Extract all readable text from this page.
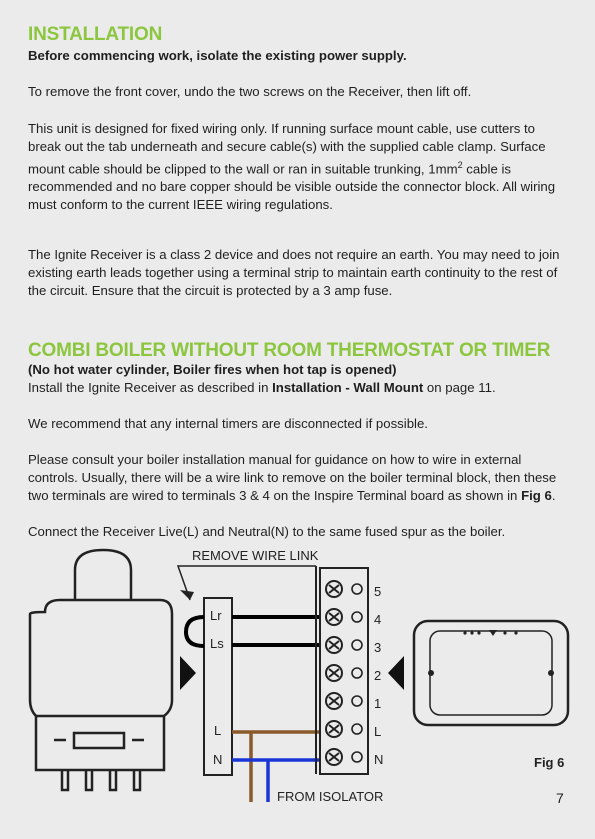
INSTALLATION

Before commencing work, isolate the existing power supply.

To remove the front cover, undo the two screws on the Receiver, then lift off.

This unit is designed for fixed wiring only. If running surface mount cable, use cutters to break out the tab underneath and secure cable(s) with the supplied cable clamp. Surface mount cable should be clipped to the wall or ran in suitable trunking, $1mm^2$ cable is recommended and no bare copper should be visible outside the connector block. All wiring must conform to the current IEEE wiring regulations.

The Ignite Receiver is a class 2 device and does not require an earth. You may need to join existing earth leads together using a terminal strip to maintain earth continuity to the rest of the circuit. Ensure that the circuit is protected by a 3 amp fuse.

COMBI BOILER WITHOUT ROOM THERMOSTAT OR TIMER

(No hot water cylinder, Boiler fires when hot tap is opened)

Install the Ignite Receiver as described in Installation - Wall Mount on page 11.

We recommend that any internal timers are disconnected if possible.

Please consult your boiler installation manual for guidance on how to wire in external controls. Usually, there will be a wire link to remove on the boiler terminal block, then these two terminals are wired to terminals 3 & 4 on the Inspire Terminal board as shown in Fig 6.

Connect the Receiver Live(L) and Neutral(N) to the same fused spur as the boiler.

Lr
Ls
L
N
REMOVE WIRE LINK
FROM ISOLATOR
5
4
3
2
1
L
N	Fig 6
7
